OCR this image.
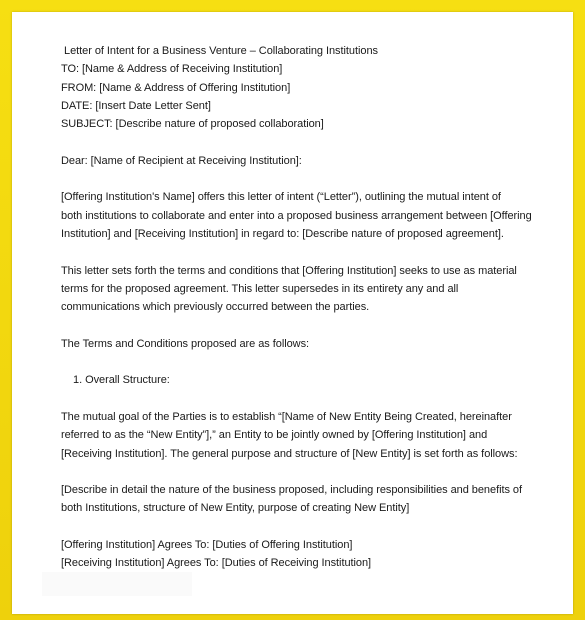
Letter of Intent for a Business Venture – Collaborating Institutions

TO: [Name & Address of Receiving Institution]

FROM: [Name & Address of Offering Institution]

DATE: [Insert Date Letter Sent]

SUBJECT: [Describe nature of proposed collaboration]

Dear: [Name of Recipient at Receiving Institution]:

[Offering Institution's Name] offers this letter of intent (“Letter”), outlining the mutual intent of

both institutions to collaborate and enter into a proposed business arrangement between [Offering

Institution] and [Receiving Institution] in regard to: [Describe nature of proposed agreement].

This letter sets forth the terms and conditions that [Offering Institution] seeks to use as material

terms for the proposed agreement. This letter supersedes in its entirety any and all

communications which previously occurred between the parties.

The Terms and Conditions proposed are as follows:

1. Overall Structure:

The mutual goal of the Parties is to establish “[Name of New Entity Being Created, hereinafter

referred to as the “New Entity”],” an Entity to be jointly owned by [Offering Institution] and

[Receiving Institution]. The general purpose and structure of [New Entity] is set forth as follows:

[Describe in detail the nature of the business proposed, including responsibilities and benefits of

both Institutions, structure of New Entity, purpose of creating New Entity]

[Offering Institution] Agrees To: [Duties of Offering Institution]

[Receiving Institution] Agrees To: [Duties of Receiving Institution]
